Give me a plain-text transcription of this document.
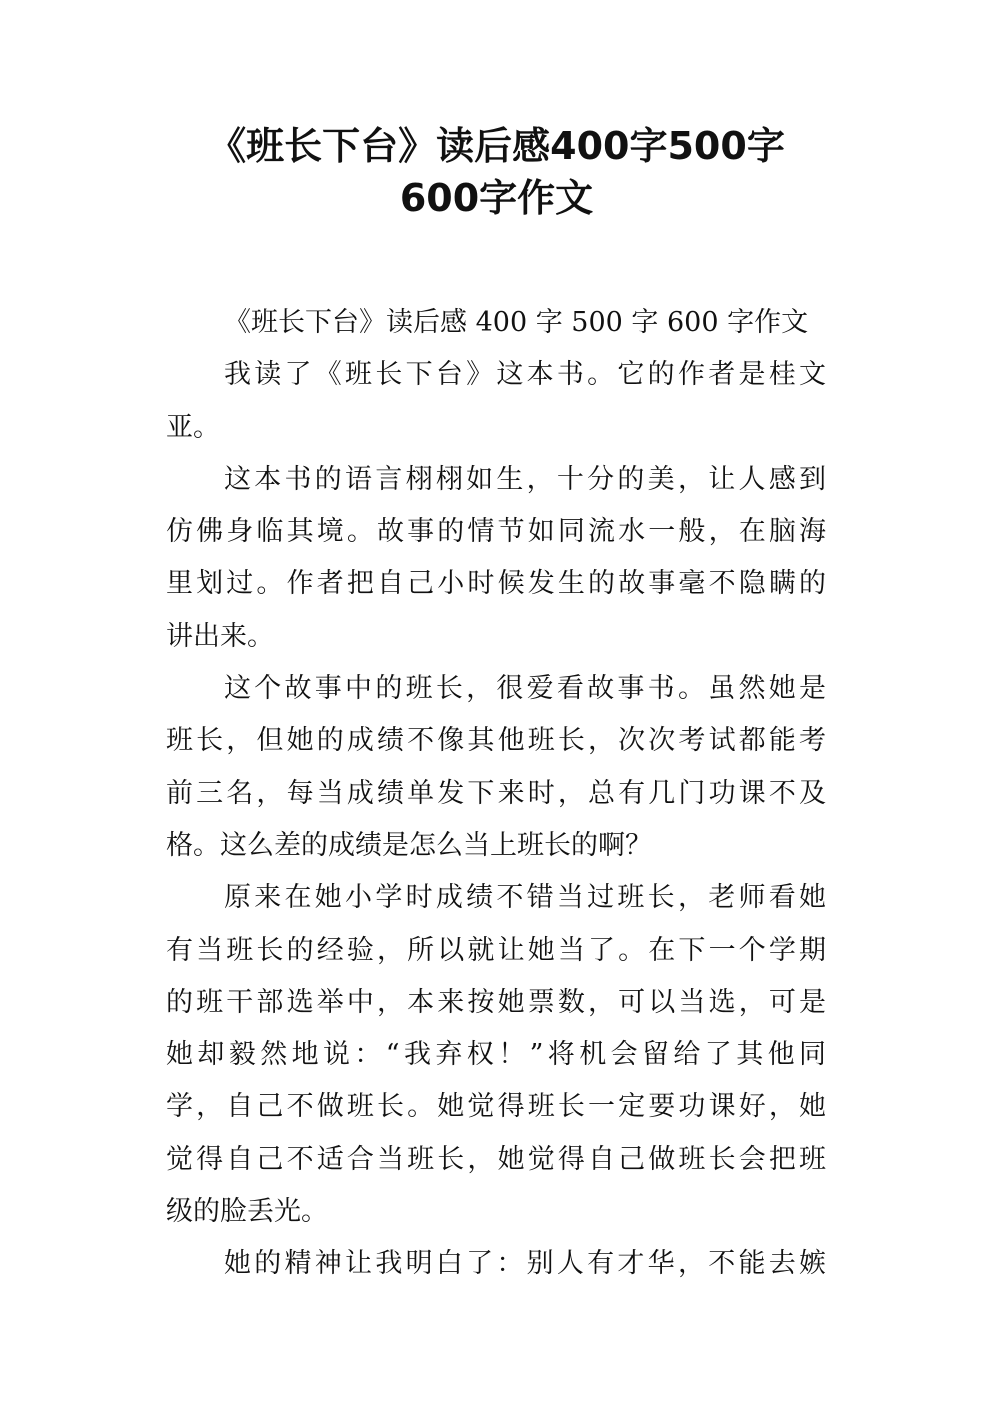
《班长下台》读后感400字500字
600字作文
《班长下台》读后感 400 字 500 字 600 字作文
我读了《班长下台》这本书。它的作者是桂文
亚。
这本书的语言栩栩如生，十分的美，让人感到
仿佛身临其境。故事的情节如同流水一般，在脑海
里划过。作者把自己小时候发生的故事毫不隐瞒的
讲出来。
这个故事中的班长，很爱看故事书。虽然她是
班长，但她的成绩不像其他班长，次次考试都能考
前三名，每当成绩单发下来时，总有几门功课不及
格。这么差的成绩是怎么当上班长的啊？
原来在她小学时成绩不错当过班长，老师看她
有当班长的经验，所以就让她当了。在下一个学期
的班干部选举中，本来按她票数，可以当选，可是
她却毅然地说：“我弃权！”将机会留给了其他同
学，自己不做班长。她觉得班长一定要功课好，她
觉得自己不适合当班长，她觉得自己做班长会把班
级的脸丢光。
她的精神让我明白了：别人有才华，不能去嫉
